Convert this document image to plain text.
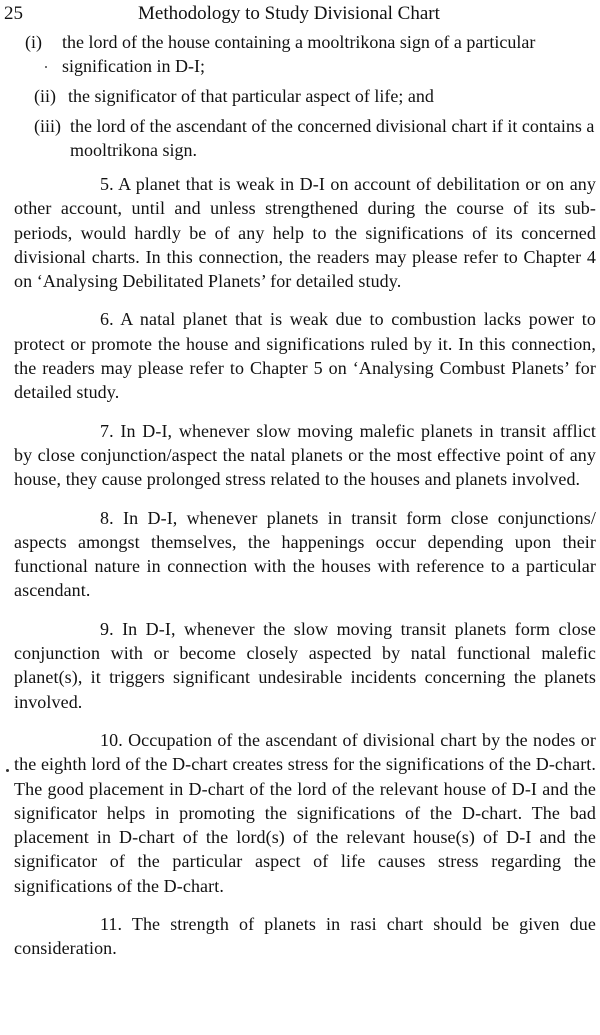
25	Methodology to Study Divisional Chart
(i) the lord of the house containing a mooltrikona sign of a particular signification in D-I;
(ii) the significator of that particular aspect of life; and
(iii) the lord of the ascendant of the concerned divisional chart if it contains a mooltrikona sign.

5. A planet that is weak in D-I on account of debilitation or on any other account, until and unless strengthened during the course of its sub-periods, would hardly be of any help to the significations of its concerned divisional charts. In this connection, the readers may please refer to Chapter 4 on ‘Analysing Debilitated Planets’ for detailed study.

6. A natal planet that is weak due to combustion lacks power to protect or promote the house and significations ruled by it. In this connection, the readers may please refer to Chapter 5 on ‘Analysing Combust Planets’ for detailed study.

7. In D-I, whenever slow moving malefic planets in transit afflict by close conjunction/aspect the natal planets or the most effective point of any house, they cause prolonged stress related to the houses and planets involved.

8. In D-I, whenever planets in transit form close conjunctions/ aspects amongst themselves, the happenings occur depending upon their functional nature in connection with the houses with reference to a particular ascendant.

9. In D-I, whenever the slow moving transit planets form close conjunction with or become closely aspected by natal functional malefic planet(s), it triggers significant undesirable incidents concerning the planets involved.

10. Occupation of the ascendant of divisional chart by the nodes or the eighth lord of the D-chart creates stress for the significations of the D-chart. The good placement in D-chart of the lord of the relevant house of D-I and the significator helps in promoting the significations of the D-chart. The bad placement in D-chart of the lord(s) of the relevant house(s) of D-I and the significator of the particular aspect of life causes stress regarding the significations of the D-chart.

11. The strength of planets in rasi chart should be given due consideration.
